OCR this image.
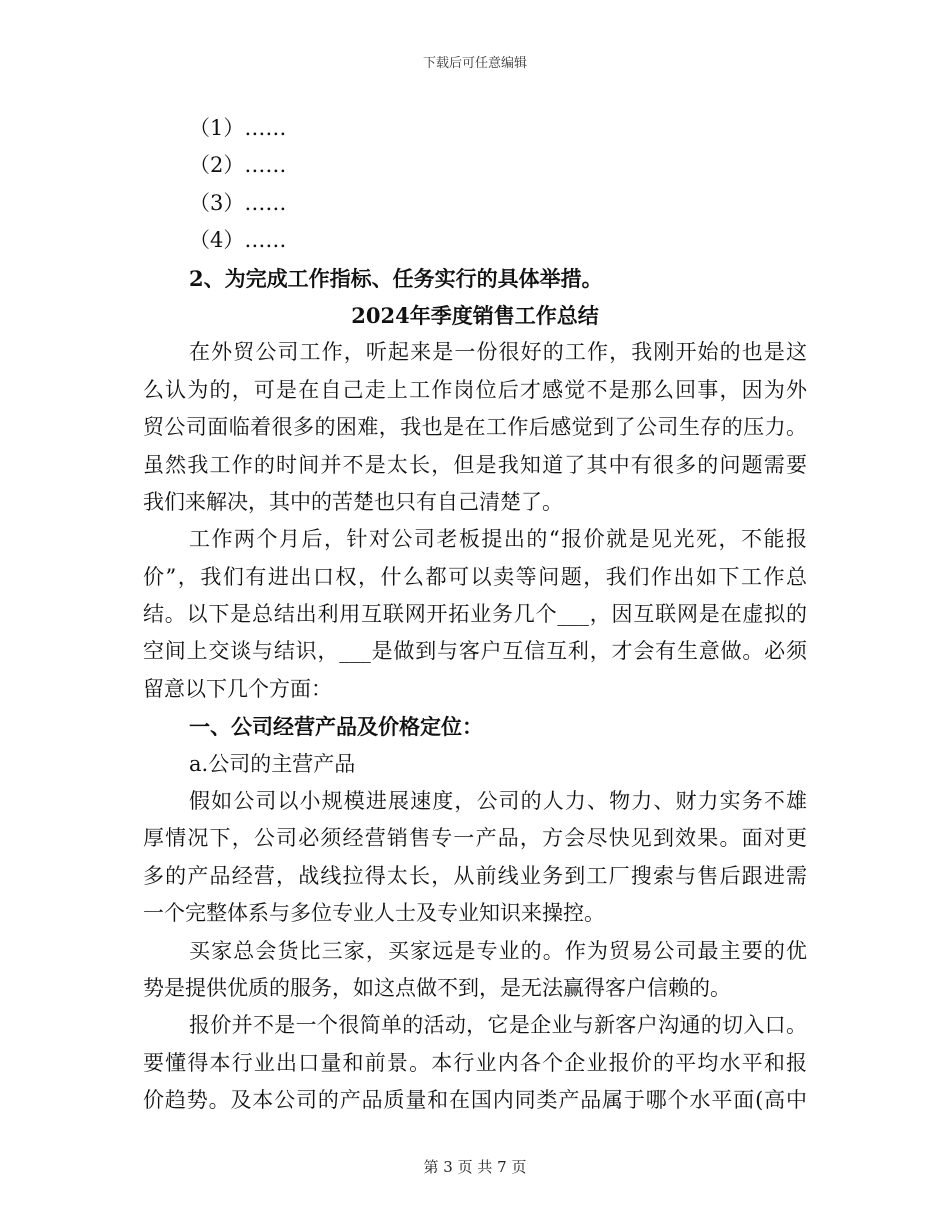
下载后可任意编辑
（1）……
（2）……
（3）……
（4）……
2、为完成工作指标、任务实行的具体举措。
2024年季度销售工作总结
在外贸公司工作，听起来是一份很好的工作，我刚开始的也是这
么认为的，可是在自己走上工作岗位后才感觉不是那么回事，因为外
贸公司面临着很多的困难，我也是在工作后感觉到了公司生存的压力。
虽然我工作的时间并不是太长，但是我知道了其中有很多的问题需要
我们来解决，其中的苦楚也只有自己清楚了。
工作两个月后，针对公司老板提出的“报价就是见光死，不能报
价”，我们有进出口权，什么都可以卖等问题，我们作出如下工作总
结。以下是总结出利用互联网开拓业务几个___，因互联网是在虚拟的
空间上交谈与结识，___是做到与客户互信互利，才会有生意做。必须
留意以下几个方面：
一、公司经营产品及价格定位：
a.公司的主营产品
假如公司以小规模进展速度，公司的人力、物力、财力实务不雄
厚情况下，公司必须经营销售专一产品，方会尽快见到效果。面对更
多的产品经营，战线拉得太长，从前线业务到工厂搜索与售后跟进需
一个完整体系与多位专业人士及专业知识来操控。
买家总会货比三家，买家远是专业的。作为贸易公司最主要的优
势是提供优质的服务，如这点做不到，是无法赢得客户信赖的。
报价并不是一个很简单的活动，它是企业与新客户沟通的切入口。
要懂得本行业出口量和前景。本行业内各个企业报价的平均水平和报
价趋势。及本公司的产品质量和在国内同类产品属于哪个水平面(高中
第 3 页 共 7 页
